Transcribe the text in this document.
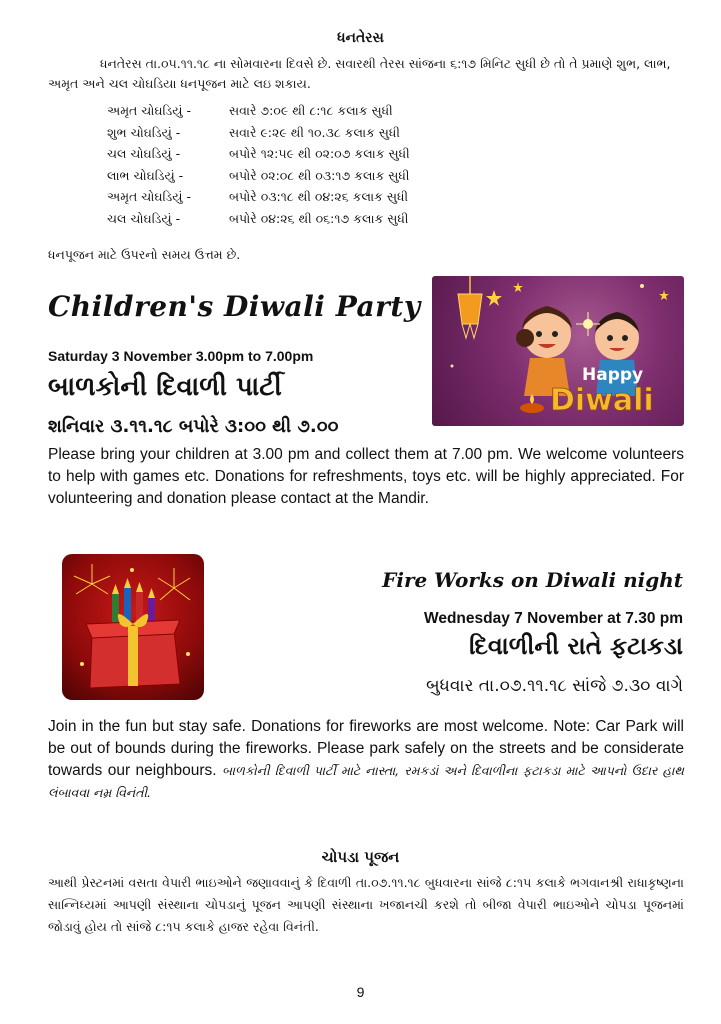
ધનતેરસ
ધનતેરસ તા.૦૫.૧૧.૧૮ ના સોમવારના દિવસે છે. સવારથી તેરસ સાંજના ૬:૧૭ મિનિટ સુધી છે તો તે પ્રમાણે શુભ, લાભ, અમૃત અને ચલ ચોઘડિયા ધનપૂજન માટે લઇ શકાય.
અમૃત ચોઘડિયું -	સવારે ૭:૦૯ થી ૮:૧૮ કલાક સુધી
શુભ ચોઘડિયું -	સવારે ૯:૨૯ થી ૧૦.૩૮ કલાક સુધી
ચલ ચોઘડિયું -	બપોરે ૧૨:૫૯ થી ૦૨:૦૭ કલાક સુધી
લાભ ચોઘડિયું -	બપોરે ૦૨:૦૮ થી ૦૩:૧૭ કલાક સુધી
અમૃત ચોઘડિયું -	બપોરે ૦૩:૧૮ થી ૦૪:૨૬ કલાક સુધી
ચલ ચોઘડિયું -	બપોરે ૦૪:૨૬ થી ૦૬:૧૭ કલાક સુધી
ધનપૂજન માટે ઉપરનો સમય ઉત્તમ છે.
Children's Diwali Party
Saturday 3 November 3.00pm to 7.00pm
બાળકોની દિવાળી પાર્ટી
શનિવાર ૩.૧૧.૧૮ બપોરે ૩:૦૦ થી ૭.૦૦
Please bring your children at 3.00 pm and collect them at 7.00 pm. We welcome volunteers to help with games etc. Donations for refreshments, toys etc. will be highly appreciated. For volunteering and donation please contact at the Mandir.
Happy
Diwali
Fire Works on Diwali night
Wednesday 7 November at 7.30 pm
દિવાળીની રાતે ફટાકડા
બુધવાર તા.૦૭.૧૧.૧૮ સાંજે ૭.૩૦ વાગે
Join in the fun but stay safe. Donations for fireworks are most welcome. Note: Car Park will be out of bounds during the fireworks. Please park safely on the streets and be considerate towards our neighbours. બાળકોની દિવાળી પાર્ટી માટે નાસ્તા, રમકડાં અને દિવાળીના ફટાકડા માટે આપનો ઉદાર હાથ લંબાવવા નમ્ર વિનંતી.
ચોપડા પૂજન
આથી પ્રેસ્ટનમાં વસતા વેપારી ભાઇઓને જણાવવાનું કે દિવાળી તા.૦૭.૧૧.૧૮ બુધવારના સાંજે ૮:૧૫ કલાકે ભગવાનશ્રી રાધાકૃષ્ણના સાન્નિધ્યમાં આપણી સંસ્થાના ચોપડાનું પૂજન આપણી સંસ્થાના ખજાનચી કરશે તો બીજા વેપારી ભાઇઓને ચોપડા પૂજનમાં જોડાવું હોય તો સાંજે ૮:૧૫ કલાકે હાજર રહેવા વિનંતી.
9
